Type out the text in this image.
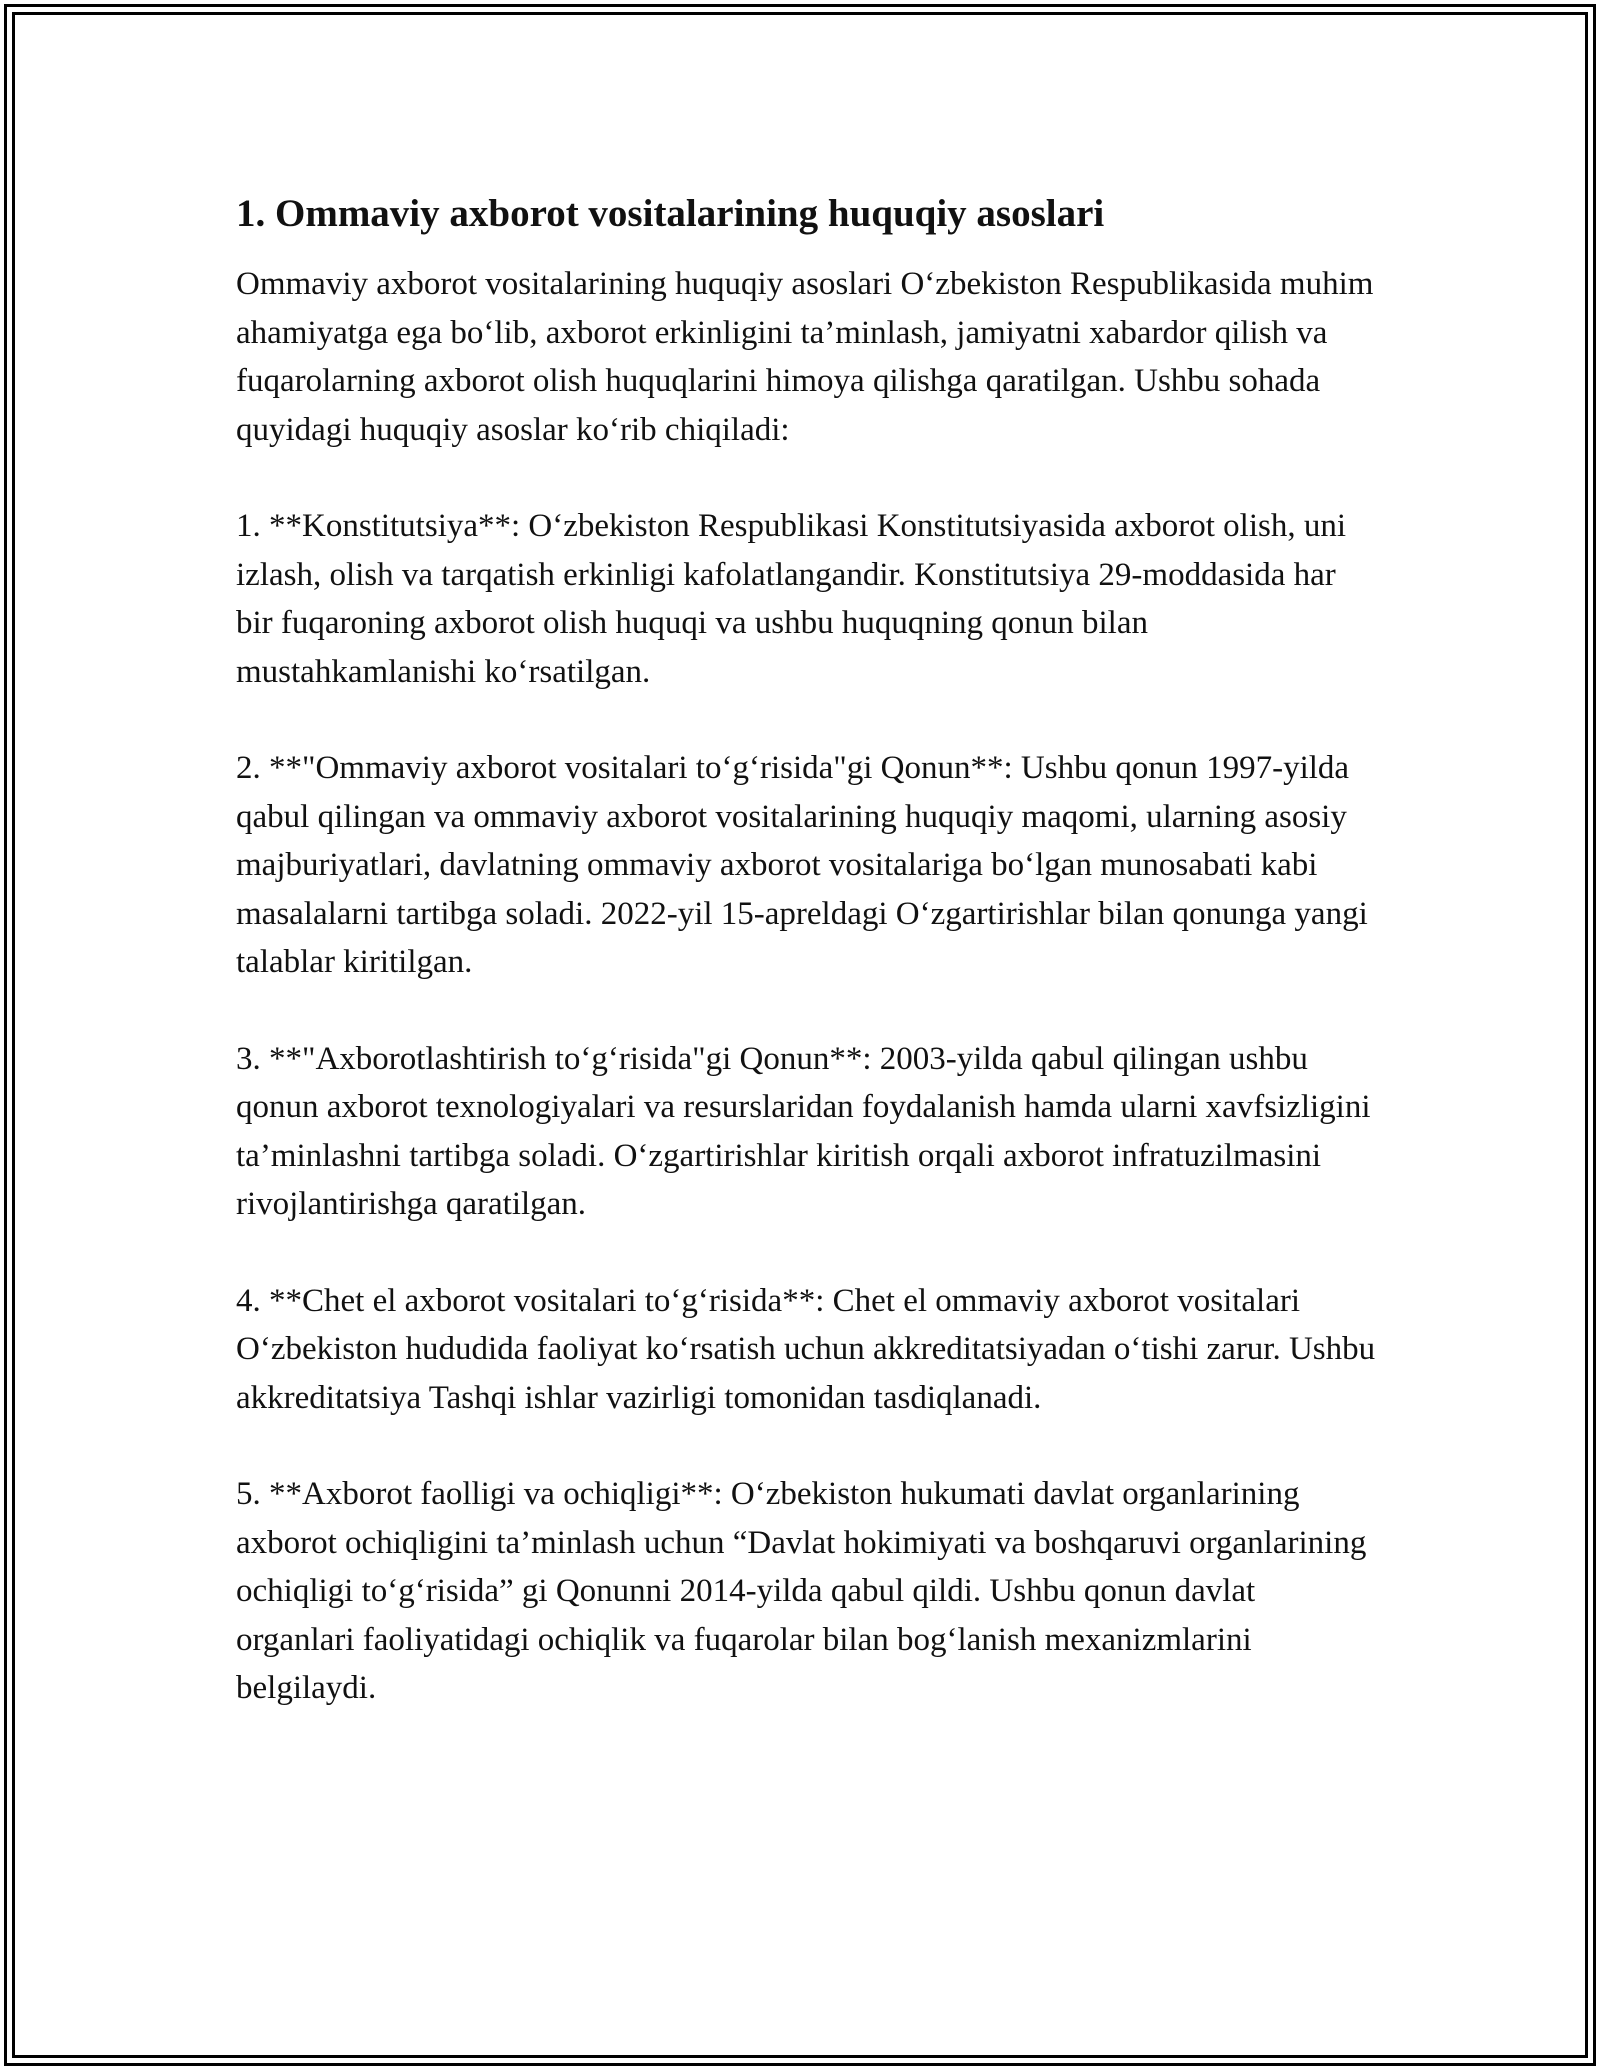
1. Ommaviy axborot vositalarining huquqiy asoslari

Ommaviy axborot vositalarining huquqiy asoslari O‘zbekiston Respublikasida muhim ahamiyatga ega bo‘lib, axborot erkinligini ta’minlash, jamiyatni xabardor qilish va fuqarolarning axborot olish huquqlarini himoya qilishga qaratilgan. Ushbu sohada quyidagi huquqiy asoslar ko‘rib chiqiladi:

1. **Konstitutsiya**: O‘zbekiston Respublikasi Konstitutsiyasida axborot olish, uni izlash, olish va tarqatish erkinligi kafolatlangandir. Konstitutsiya 29-moddasida har bir fuqaroning axborot olish huquqi va ushbu huquqning qonun bilan mustahkamlanishi ko‘rsatilgan.

2. **"Ommaviy axborot vositalari to‘g‘risida"gi Qonun**: Ushbu qonun 1997-yilda qabul qilingan va ommaviy axborot vositalarining huquqiy maqomi, ularning asosiy majburiyatlari, davlatning ommaviy axborot vositalariga bo‘lgan munosabati kabi masalalarni tartibga soladi. 2022-yil 15-apreldagi O‘zgartirishlar bilan qonunga yangi talablar kiritilgan.

3. **"Axborotlashtirish to‘g‘risida"gi Qonun**: 2003-yilda qabul qilingan ushbu qonun axborot texnologiyalari va resurslaridan foydalanish hamda ularni xavfsizligini ta’minlashni tartibga soladi. O‘zgartirishlar kiritish orqali axborot infratuzilmasini rivojlantirishga qaratilgan.

4. **Chet el axborot vositalari to‘g‘risida**: Chet el ommaviy axborot vositalari O‘zbekiston hududida faoliyat ko‘rsatish uchun akkreditatsiyadan o‘tishi zarur. Ushbu akkreditatsiya Tashqi ishlar vazirligi tomonidan tasdiqlanadi.

5. **Axborot faolligi va ochiqligi**: O‘zbekiston hukumati davlat organlarining axborot ochiqligini ta’minlash uchun “Davlat hokimiyati va boshqaruvi organlarining ochiqligi to‘g‘risida” gi Qonunni 2014-yilda qabul qildi. Ushbu qonun davlat organlari faoliyatidagi ochiqlik va fuqarolar bilan bog‘lanish mexanizmlarini belgilaydi.
